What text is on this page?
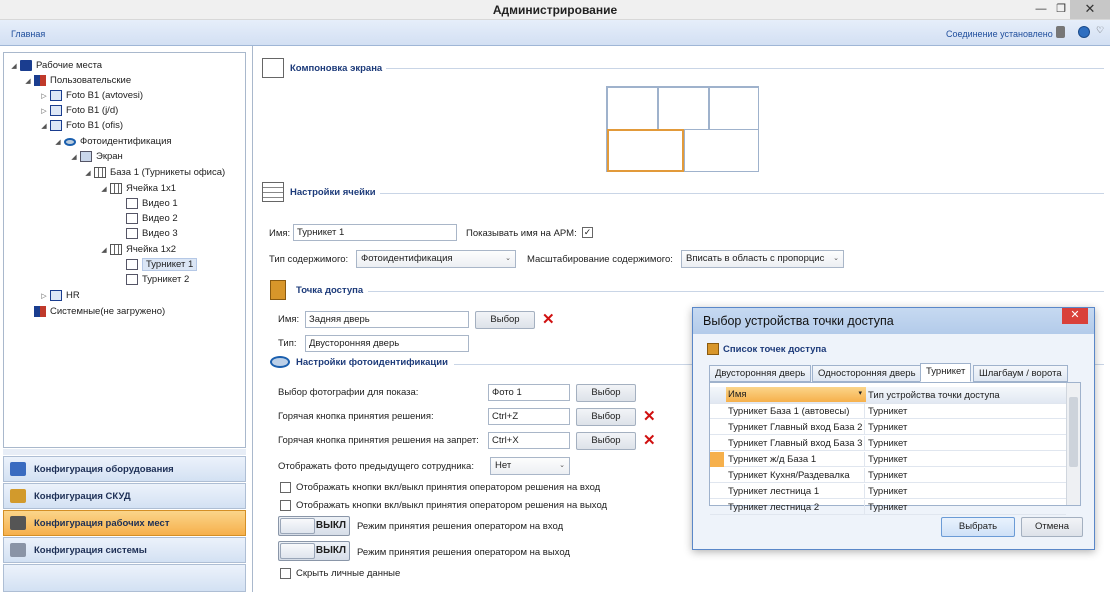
Администрирование	— ❐	✕
Главная	Соединение установлено	♡
◢ Рабочие места
◢ Пользовательские
▷ Foto B1 (avtovesi)
▷ Foto B1 (j/d)
◢ Foto B1 (ofis)
◢ Фотоидентификация
◢ Экран
◢ База 1 (Турникеты офиса)
◢ Ячейка 1x1
Видео 1
Видео 2
Видео 3
◢ Ячейка 1x2
Турникет 1
Турникет 2
▷ HR
Системные(не загружено)
Конфигурация оборудования
Конфигурация СКУД
Конфигурация рабочих мест
Конфигурация системы
Компоновка экрана
Настройки ячейки
Имя: Турникет 1	Показывать имя на АРМ: ✓
Тип содержимого:	Фотоидентификация	⌄ Масштабирование содержимого:	Вписать в область с пропорцис ⌄
Точка доступа
Имя:	Задняя дверь	Выбор	✕
Тип:	Двусторонняя дверь
Настройки фотоидентификации
Выбор фотографии для показа:	Фото 1	Выбор
Горячая кнопка принятия решения:	Ctrl+Z	Выбор	✕
Горячая кнопка принятия решения на запрет:	Ctrl+X	Выбор	✕
Отображать фото предыдущего сотрудника:	Нет	⌄
Отображать кнопки вкл/выкл принятия оператором решения на вход
Отображать кнопки вкл/выкл принятия оператором решения на выход
ВЫКЛ Режим принятия решения оператором на вход
ВЫКЛ Режим принятия решения оператором на выход
Скрыть личные данные
Выбор устройства точки доступа	✕
Список точек доступа
Двусторонняя дверь	Односторонняя дверь	Турникет	Шлагбаум / ворота
Имя	▾ Тип устройства точки доступа
Турникет База 1 (автовесы) Турникет
Турникет Главный вход База 2 Турникет
Турникет Главный вход База 3 Турникет
Турникет ж/д База 1	Турникет
Турникет Кухня/Раздевалка Турникет
Турникет лестница 1	Турникет
Турникет лестница 2	Турникет
Выбрать	Отмена
